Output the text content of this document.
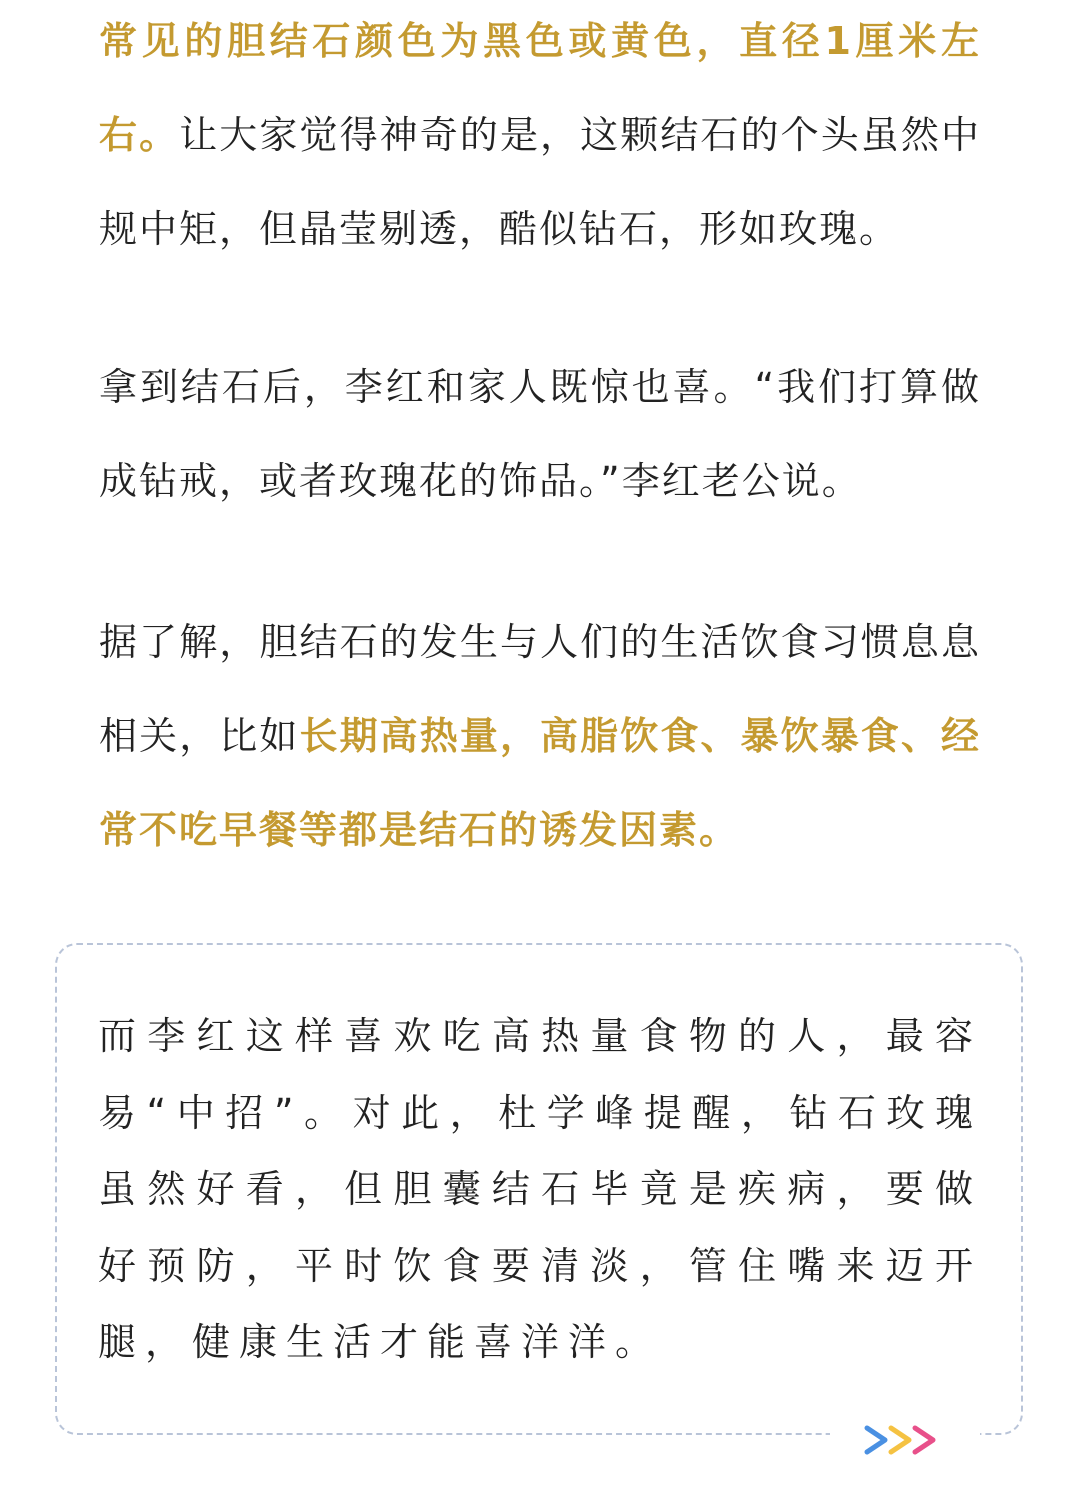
常见的胆结石颜色为黑色或黄色，直径1厘米左右。让大家觉得神奇的是，这颗结石的个头虽然中规中矩，但晶莹剔透，酷似钻石，形如玫瑰。

拿到结石后，李红和家人既惊也喜。“我们打算做成钻戒，或者玫瑰花的饰品。”李红老公说。

据了解，胆结石的发生与人们的生活饮食习惯息息相关，比如长期高热量，高脂饮食、暴饮暴食、经常不吃早餐等都是结石的诱发因素。

而李红这样喜欢吃高热量食物的人，最容易“中招”。对此，杜学峰提醒，钻石玫瑰虽然好看，但胆囊结石毕竟是疾病，要做好预防，平时饮食要清淡，管住嘴来迈开腿，健康生活才能喜洋洋。
